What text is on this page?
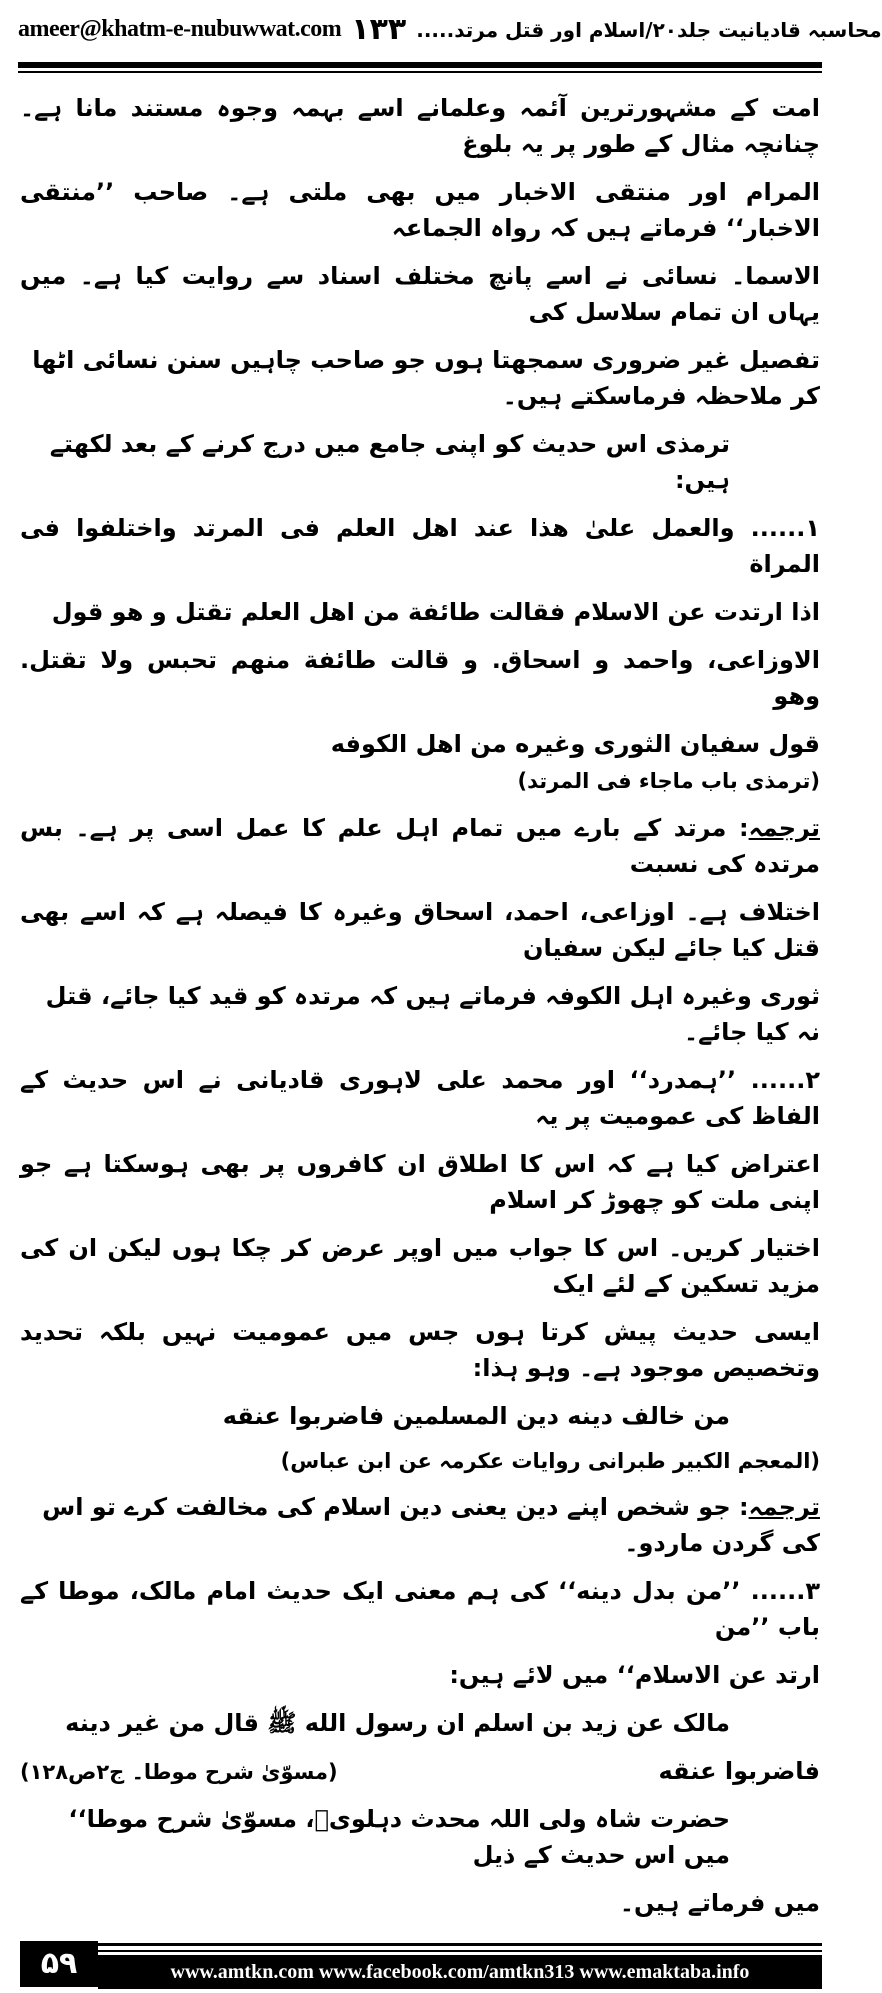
ameer@khatm-e-nubuwwat.com ۱۳۳ محاسبہ قادیانیت جلد۲۰/اسلام اور قتل مرتد.....
امت کے مشہورترین آئمہ وعلمانے اسے بہمہ وجوہ مستند مانا ہے۔ چنانچہ مثال کے طور پر یہ بلوغ
المرام اور منتقی الاخبار میں بھی ملتی ہے۔ صاحب ’’منتقی الاخبار‘‘ فرماتے ہیں کہ رواہ الجماعہ
الاسما۔ نسائی نے اسے پانچ مختلف اسناد سے روایت کیا ہے۔ میں یہاں ان تمام سلاسل کی
تفصیل غیر ضروری سمجھتا ہوں جو صاحب چاہیں سنن نسائی اٹھا کر ملاحظہ فرماسکتے ہیں۔
ترمذی اس حدیث کو اپنی جامع میں درج کرنے کے بعد لکھتے ہیں:
۱...... والعمل علیٰ هذا عند اهل العلم فی المرتد واختلفوا فی المراة
اذا ارتدت عن الاسلام فقالت طائفة من اهل العلم تقتل و هو قول
الاوزاعی، واحمد و اسحاق. و قالت طائفة منهم تحبس ولا تقتل. وهو
قول سفیان الثوری وغیره من اهل الکوفه
(ترمذی باب ماجاء فی المرتد)
ترجمہ: مرتد کے بارے میں تمام اہل علم کا عمل اسی پر ہے۔ بس مرتدہ کی نسبت
اختلاف ہے۔ اوزاعی، احمد، اسحاق وغیرہ کا فیصلہ ہے کہ اسے بھی قتل کیا جائے لیکن سفیان
ثوری وغیرہ اہل الکوفہ فرماتے ہیں کہ مرتدہ کو قید کیا جائے، قتل نہ کیا جائے۔
۲...... ’’ہمدرد‘‘ اور محمد علی لاہوری قادیانی نے اس حدیث کے الفاظ کی عمومیت پر یہ
اعتراض کیا ہے کہ اس کا اطلاق ان کافروں پر بھی ہوسکتا ہے جو اپنی ملت کو چھوڑ کر اسلام
اختیار کریں۔ اس کا جواب میں اوپر عرض کر چکا ہوں لیکن ان کی مزید تسکین کے لئے ایک
ایسی حدیث پیش کرتا ہوں جس میں عمومیت نہیں بلکہ تحدید وتخصیص موجود ہے۔ وہو ہذا:
من خالف دینه دین المسلمین فاضربوا عنقه
(المعجم الکبیر طبرانی روایات عکرمہ عن ابن عباس)
ترجمہ: جو شخص اپنے دین یعنی دین اسلام کی مخالفت کرے تو اس کی گردن ماردو۔
۳...... ’’من بدل دینه‘‘ کی ہم معنی ایک حدیث امام مالک، موطا کے باب ’’من
ارتد عن الاسلام‘‘ میں لائے ہیں:
مالک عن زید بن اسلم ان رسول الله ﷺ قال من غیر دینه
فاضربوا عنقه
(مسوّیٰ شرح موطا۔ ج۲ص۱۲۸)
حضرت شاہ ولی اللہ محدث دہلویؒ، مسوّیٰ شرح موطا‘‘ میں اس حدیث کے ذیل
میں فرماتے ہیں۔
۵۹	www.amtkn.com www.facebook.com/amtkn313 www.emaktaba.info
